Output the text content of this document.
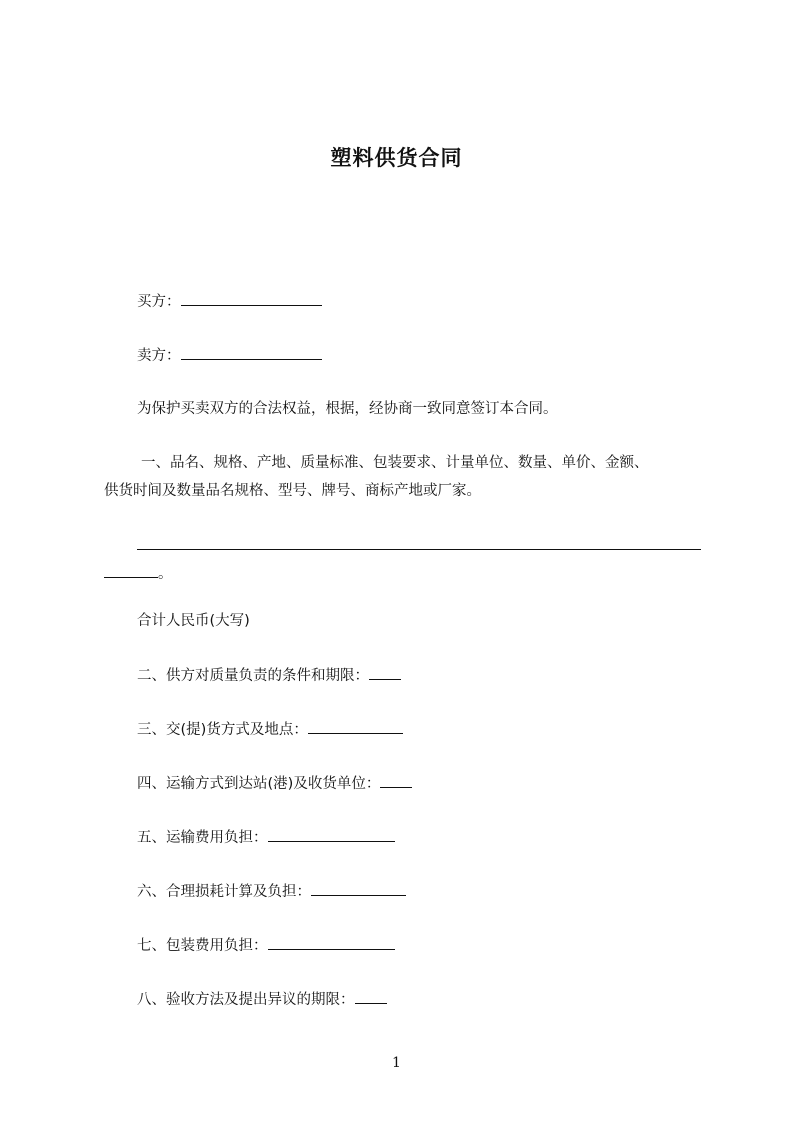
塑料供货合同
买方：
卖方：
为保护买卖双方的合法权益，根据，经协商一致同意签订本合同。
一、品名、规格、产地、质量标准、包装要求、计量单位、数量、单价、金额、
供货时间及数量品名规格、型号、牌号、商标产地或厂家。
。
合计人民币(大写)
二、供方对质量负责的条件和期限：
三、交(提)货方式及地点：
四、运输方式到达站(港)及收货单位：
五、运输费用负担：
六、合理损耗计算及负担：
七、包装费用负担：
八、验收方法及提出异议的期限：
1
